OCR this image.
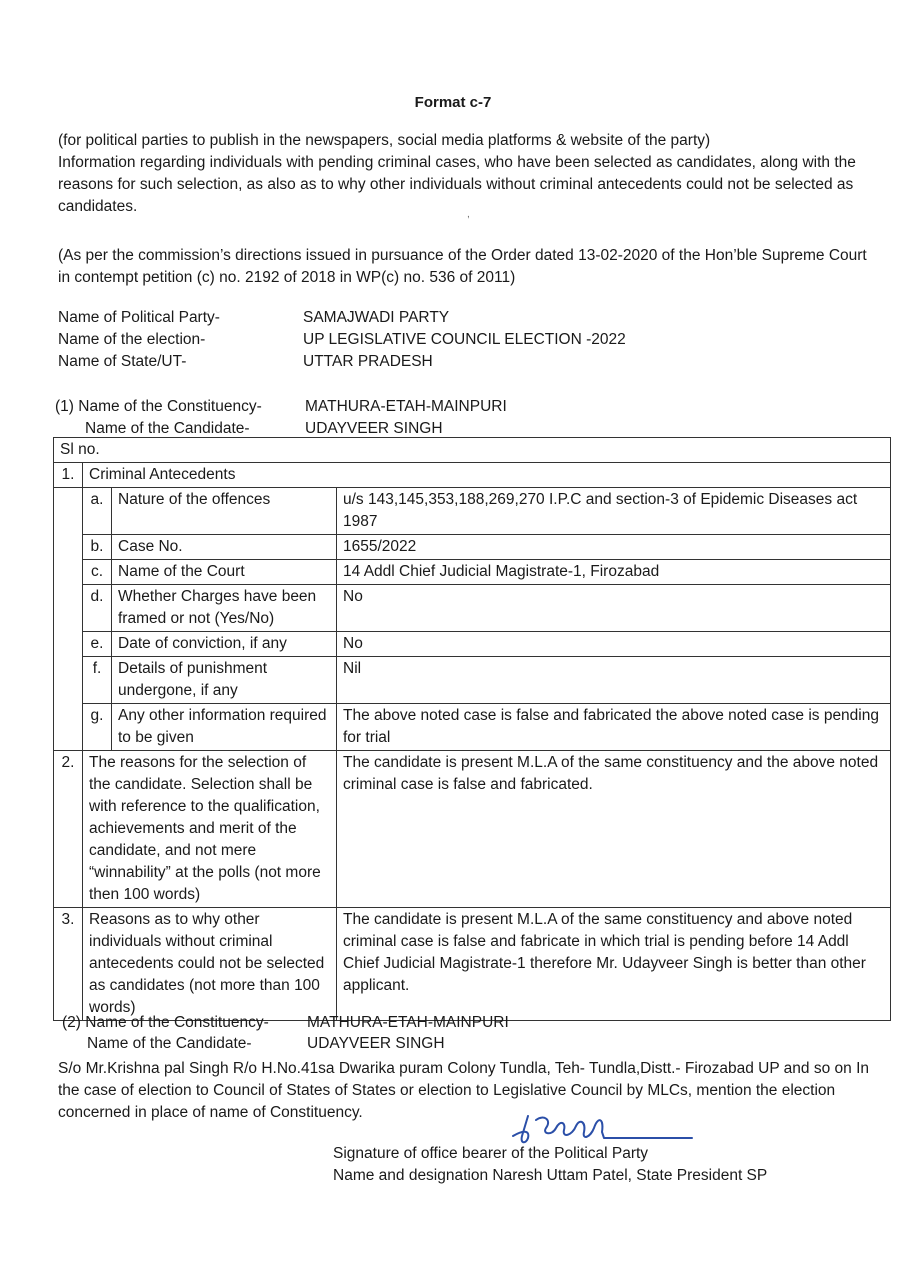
Format c-7

(for political parties to publish in the newspapers, social media platforms & website of the party)

Information regarding individuals with pending criminal cases, who have been selected as candidates, along with the reasons for such selection, as also as to why other individuals without criminal antecedents could not be selected as candidates.	,
(As per the commission’s directions issued in pursuance of the Order dated 13-02-2020 of the Hon’ble Supreme Court in contempt petition (c) no. 2192 of 2018 in WP(c) no. 536 of 2011)
Name of Political Party-	SAMAJWADI PARTY
Name of the election-	UP LEGISLATIVE COUNCIL ELECTION -2022
Name of State/UT-	UTTAR PRADESH
(1) Name of the Constituency-	MATHURA-ETAH-MAINPURI
Name of the Candidate-	UDAYVEER SINGH
Sl no.			
1.	Criminal Antecedents		
	a.	Nature of the offences	u/s 143,145,353,188,269,270 I.P.C and section-3 of Epidemic Diseases act 1987
	b.	Case No.	1655/2022
	c.	Name of the Court	14 Addl Chief Judicial Magistrate-1, Firozabad
	d.	Whether Charges have been framed or not (Yes/No)	No
	e.	Date of conviction, if any	No
	f.	Details of punishment undergone, if any	Nil
	g.	Any other information required to be given	The above noted case is false and fabricated the above noted case is pending for trial
2.	The reasons for the selection of the candidate. Selection shall be with reference to the qualification, achievements and merit of the candidate, and not mere “winnability” at the polls (not more then 100 words)		The candidate is present M.L.A of the same constituency and the above noted criminal case is false and fabricated.
3.	Reasons as to why other individuals without criminal antecedents could not be selected as candidates (not more than 100 words)		The candidate is present M.L.A of the same constituency and above noted criminal case is false and fabricate in which trial is pending before 14 Addl Chief Judicial Magistrate-1 therefore Mr. Udayveer Singh is better than other applicant.
(2) Name of the Constituency-	MATHURA-ETAH-MAINPURI
Name of the Candidate-	UDAYVEER SINGH
S/o Mr.Krishna pal Singh R/o H.No.41sa Dwarika puram Colony Tundla, Teh- Tundla,Distt.- Firozabad UP and so on In the case of election to Council of States of States or election to Legislative Council by MLCs, mention the election concerned in place of name of Constituency.
Signature of office bearer of the Political Party
Name and designation Naresh Uttam Patel, State President SP
